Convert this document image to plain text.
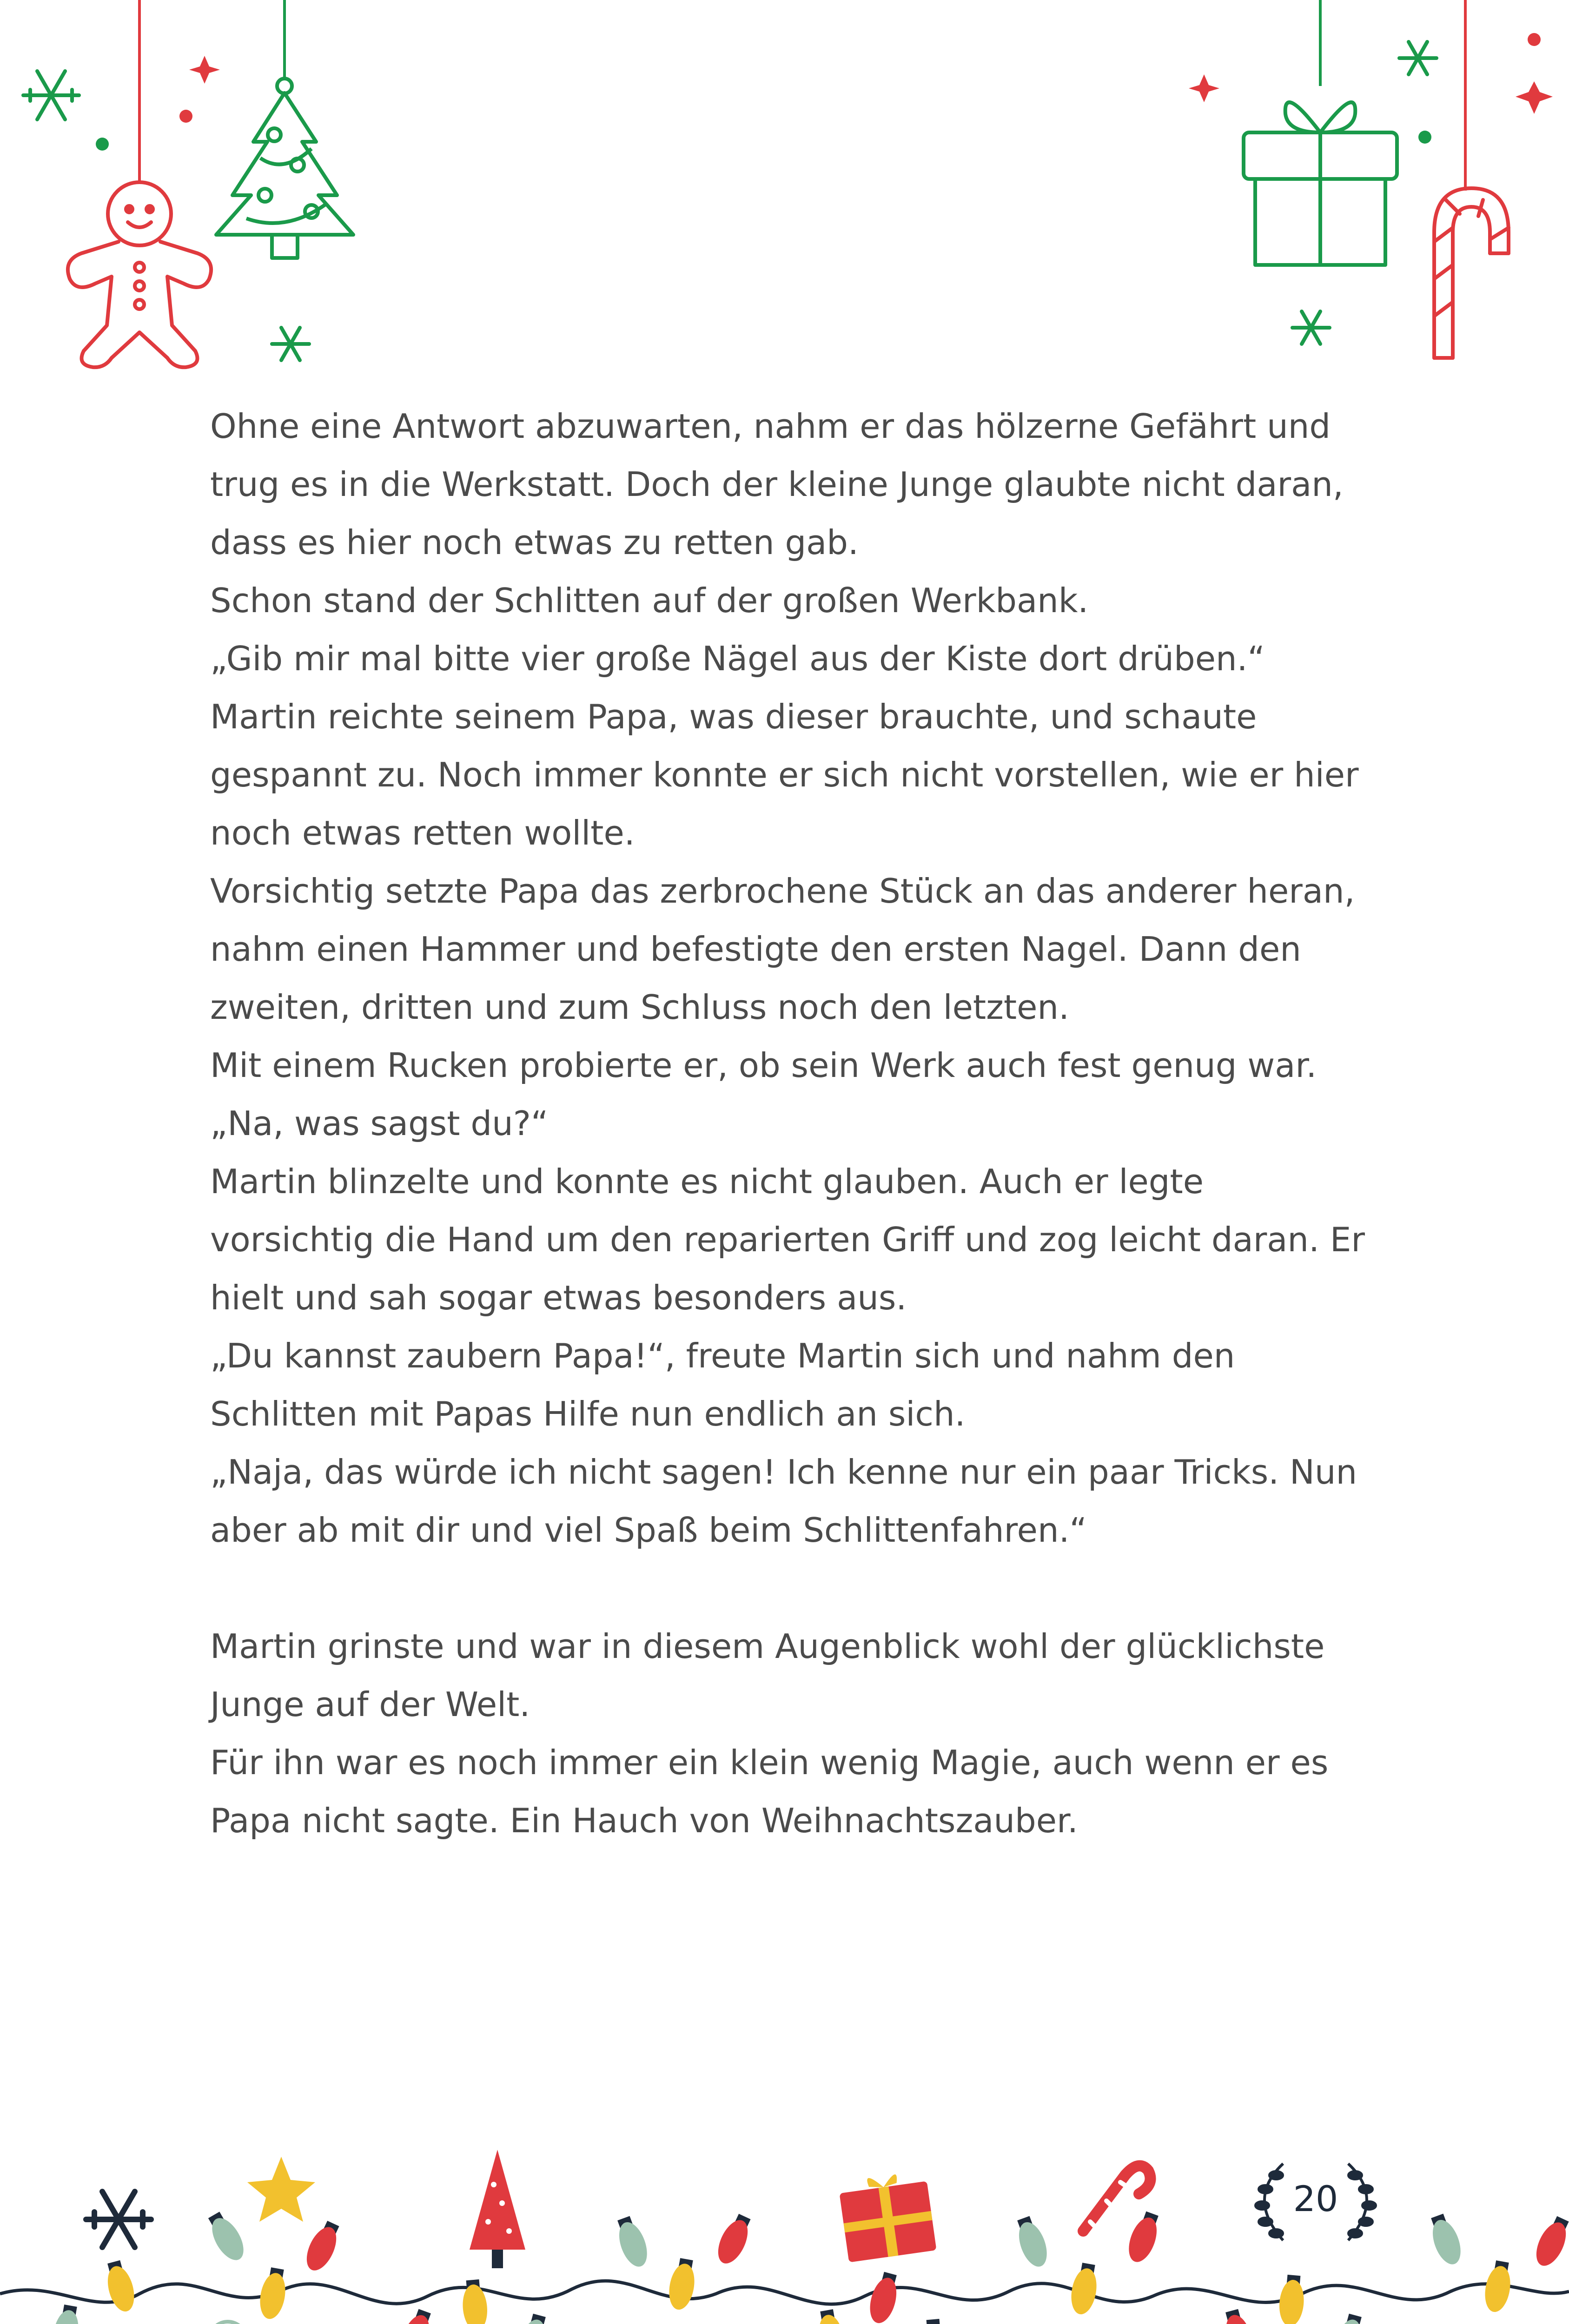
Ohne eine Antwort abzuwarten, nahm er das hölzerne Gefährt und trug es in die Werkstatt. Doch der kleine Junge glaubte nicht daran, dass es hier noch etwas zu retten gab.

Schon stand der Schlitten auf der großen Werkbank.

„Gib mir mal bitte vier große Nägel aus der Kiste dort drüben.“

Martin reichte seinem Papa, was dieser brauchte, und schaute gespannt zu. Noch immer konnte er sich nicht vorstellen, wie er hier noch etwas retten wollte.

Vorsichtig setzte Papa das zerbrochene Stück an das anderer heran, nahm einen Hammer und befestigte den ersten Nagel. Dann den zweiten, dritten und zum Schluss noch den letzten.

Mit einem Rucken probierte er, ob sein Werk auch fest genug war.

„Na, was sagst du?“

Martin blinzelte und konnte es nicht glauben. Auch er legte vorsichtig die Hand um den reparierten Griff und zog leicht daran. Er hielt und sah sogar etwas besonders aus.

„Du kannst zaubern Papa!“, freute Martin sich und nahm den Schlitten mit Papas Hilfe nun endlich an sich.

„Naja, das würde ich nicht sagen! Ich kenne nur ein paar Tricks. Nun aber ab mit dir und viel Spaß beim Schlittenfahren.“

Martin grinste und war in diesem Augenblick wohl der glücklichste Junge auf der Welt.

Für ihn war es noch immer ein klein wenig Magie, auch wenn er es Papa nicht sagte. Ein Hauch von Weihnachtszauber.

20
